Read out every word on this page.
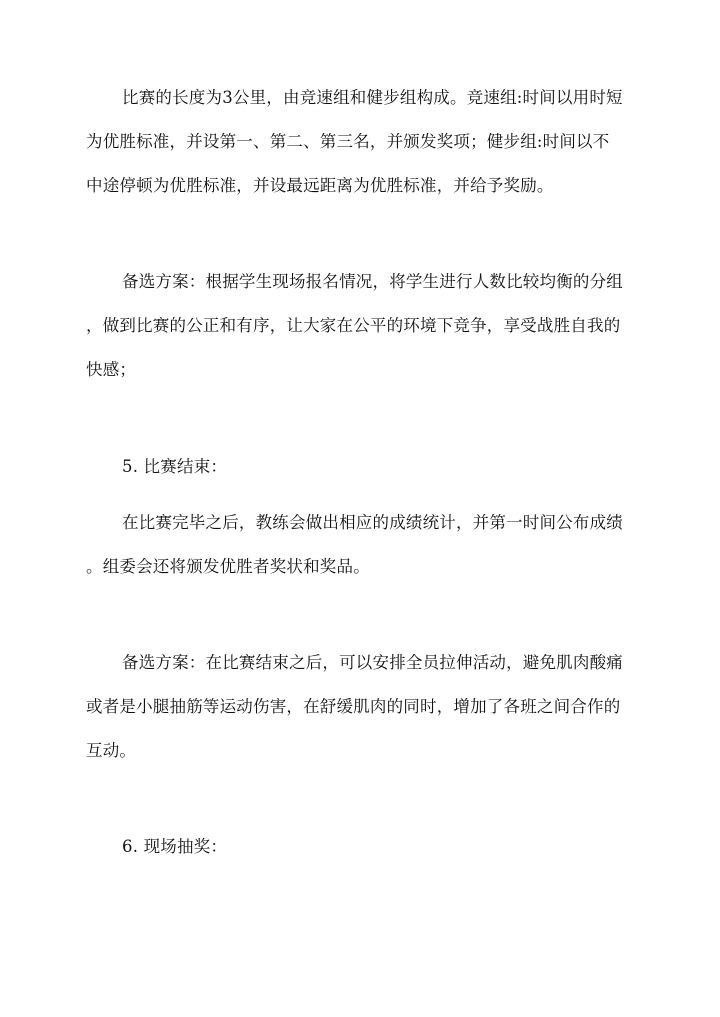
比赛的长度为3公里，由竞速组和健步组构成。竞速组:时间以用时短
为优胜标准，并设第一、第二、第三名，并颁发奖项；健步组:时间以不
中途停顿为优胜标准，并设最远距离为优胜标准，并给予奖励。
备选方案：根据学生现场报名情况，将学生进行人数比较均衡的分组
，做到比赛的公正和有序，让大家在公平的环境下竞争，享受战胜自我的
快感；
5. 比赛结束：
在比赛完毕之后，教练会做出相应的成绩统计，并第一时间公布成绩
。组委会还将颁发优胜者奖状和奖品。
备选方案：在比赛结束之后，可以安排全员拉伸活动，避免肌肉酸痛
或者是小腿抽筋等运动伤害，在舒缓肌肉的同时，增加了各班之间合作的
互动。
6. 现场抽奖：
